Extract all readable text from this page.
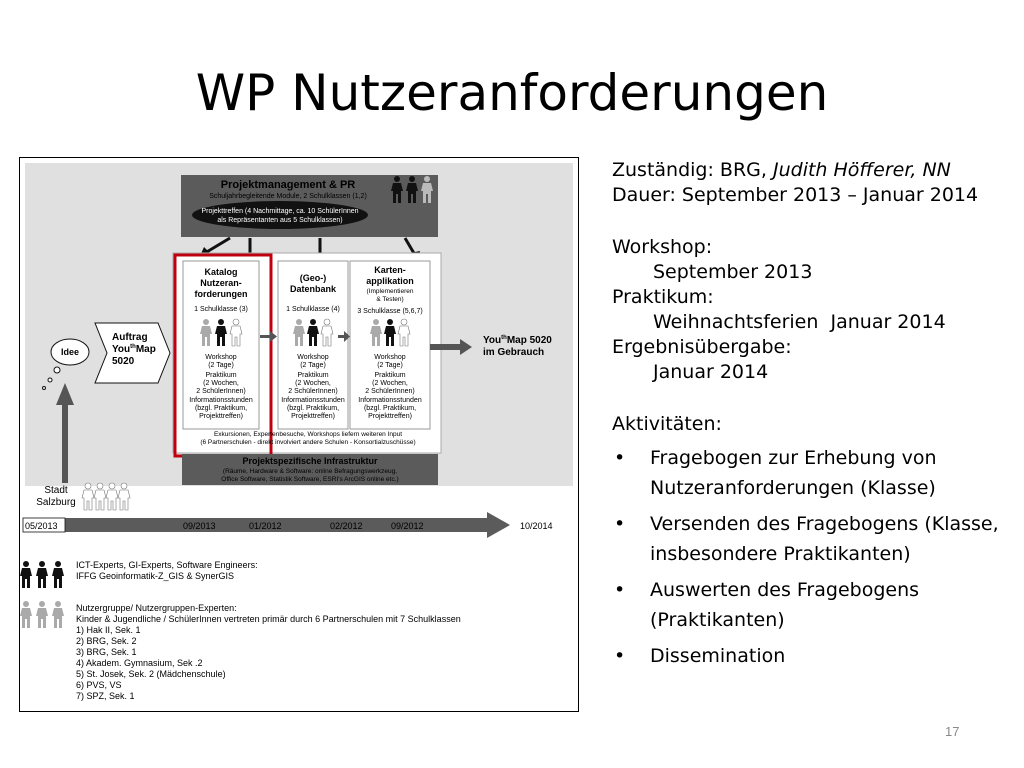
WP Nutzeranforderungen
Projektmanagement & PR
Schuljahrbegleitende Module, 2 Schulklassen (1,2)
Projekttreffen (4 Nachmittage, ca. 10 SchülerInnen
als Repräsentanten aus 5 Schulklassen)
Idee
Auftrag
You$^{th}$Map
5020
Stadt
Salzburg
Katalog
Nutzeran-
forderungen
1 Schulklasse (3)
Workshop
(2 Tage)
Praktikum
(2 Wochen,
2 SchülerInnen)
Informationsstunden
(bzgl. Praktikum,
Projekttreffen)
(Geo-)
Datenbank
1 Schulklasse (4)
Workshop
(2 Tage)
Praktikum
(2 Wochen,
2 SchülerInnen)
Informationsstunden
(bzgl. Praktikum,
Projekttreffen)
Karten-
applikation
(Implementieren
& Testen)
3 Schulklasse (5,6,7)
Workshop
(2 Tage)
Praktikum
(2 Wochen,
2 SchülerInnen)
Informationsstunden
(bzgl. Praktikum,
Projekttreffen)
Exkursionen, Expertenbesuche, Workshops liefern weiteren Input
(6 Partnerschulen - direkt involviert andere Schulen - Konsortialzuschüsse)
Projektspezifische Infrastruktur
(Räume, Hardware & Software: online Befragungswerkzeug,
Office Software, Statistik Software, ESRI's ArcGIS online etc.)
You$^{th}$Map 5020
im Gebrauch
05/2013	09/2013	01/2012	02/2012	09/2012	10/2014
ICT-Experts, GI-Experts, Software Engineers:
IFFG Geoinformatik-Z_GIS & SynerGIS
Nutzergruppe/ Nutzergruppen-Experten:
Kinder & Jugendliche / SchülerInnen vertreten primär durch 6 Partnerschulen mit 7 Schulklassen
1) Hak II, Sek. 1
2) BRG, Sek. 2
3) BRG, Sek. 1
4) Akadem. Gymnasium, Sek .2
5) St. Josek, Sek. 2 (Mädchenschule)
6) PVS, VS
7) SPZ, Sek. 1

Zuständig: BRG, Judith Höfferer, NN

Dauer: September 2013 – Januar 2014

Workshop:

September 2013

Praktikum:

Weihnachtsferien  Januar 2014

Ergebnisübergabe:

Januar 2014

Aktivitäten:

• Fragebogen zur Erhebung von Nutzeranforderungen (Klasse)
• Versenden des Fragebogens (Klasse, insbesondere Praktikanten)
• Auswerten des Fragebogens (Praktikanten)
• Dissemination
17
